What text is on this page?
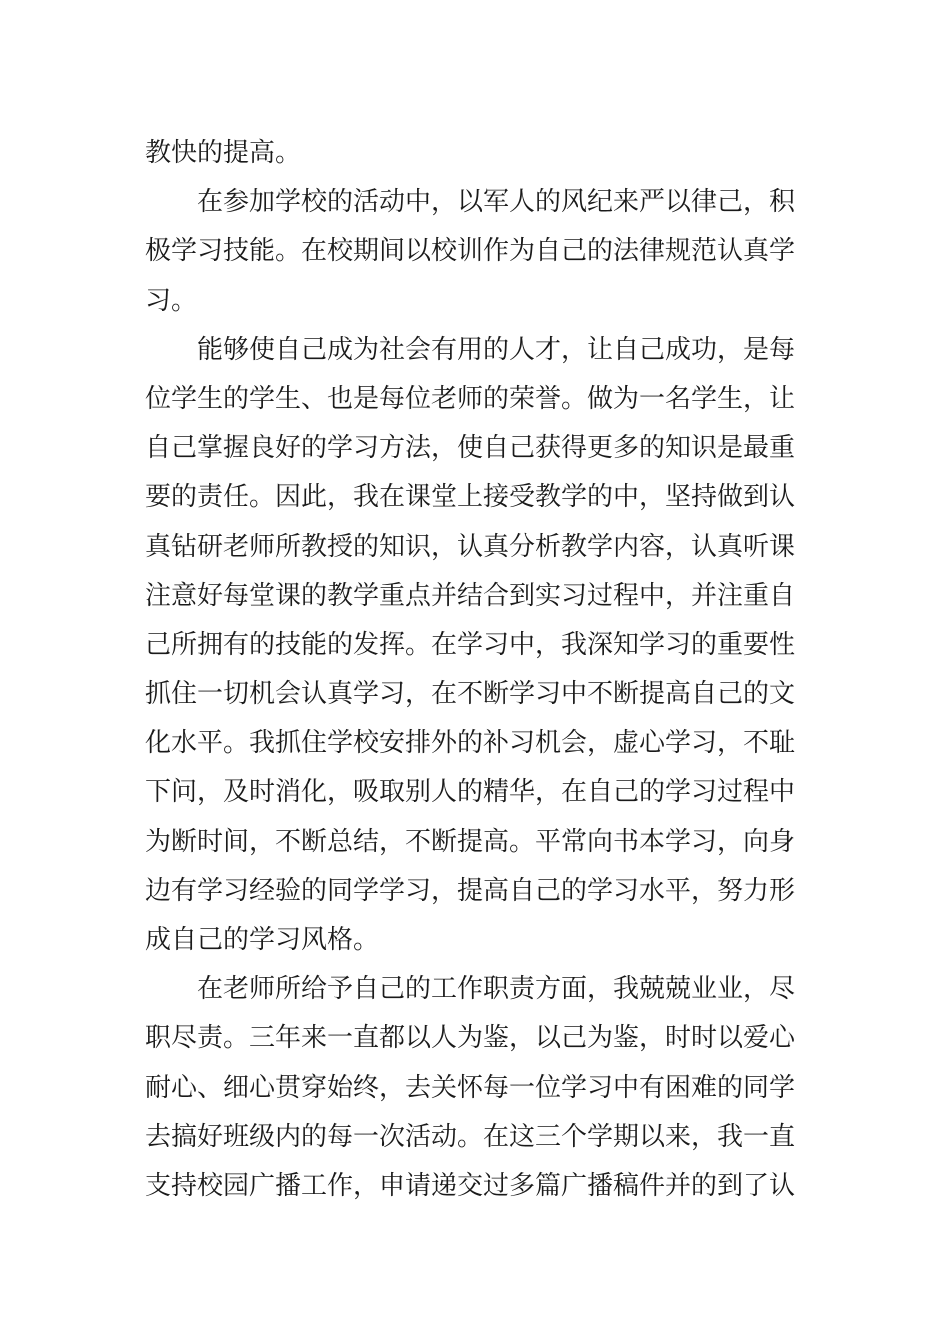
教快的提高。
在参加学校的活动中，以军人的风纪来严以律己，积
极学习技能。在校期间以校训作为自己的法律规范认真学
习。
能够使自己成为社会有用的人才，让自己成功，是每
位学生的学生、也是每位老师的荣誉。做为一名学生，让
自己掌握良好的学习方法，使自己获得更多的知识是最重
要的责任。因此，我在课堂上接受教学的中，坚持做到认
真钻研老师所教授的知识，认真分析教学内容，认真听课
注意好每堂课的教学重点并结合到实习过程中，并注重自
己所拥有的技能的发挥。在学习中，我深知学习的重要性
抓住一切机会认真学习，在不断学习中不断提高自己的文
化水平。我抓住学校安排外的补习机会，虚心学习，不耻
下问，及时消化，吸取别人的精华，在自己的学习过程中
为断时间，不断总结，不断提高。平常向书本学习，向身
边有学习经验的同学学习，提高自己的学习水平，努力形
成自己的学习风格。
在老师所给予自己的工作职责方面，我兢兢业业，尽
职尽责。三年来一直都以人为鉴，以己为鉴，时时以爱心
耐心、细心贯穿始终，去关怀每一位学习中有困难的同学
去搞好班级内的每一次活动。在这三个学期以来，我一直
支持校园广播工作，申请递交过多篇广播稿件并的到了认
